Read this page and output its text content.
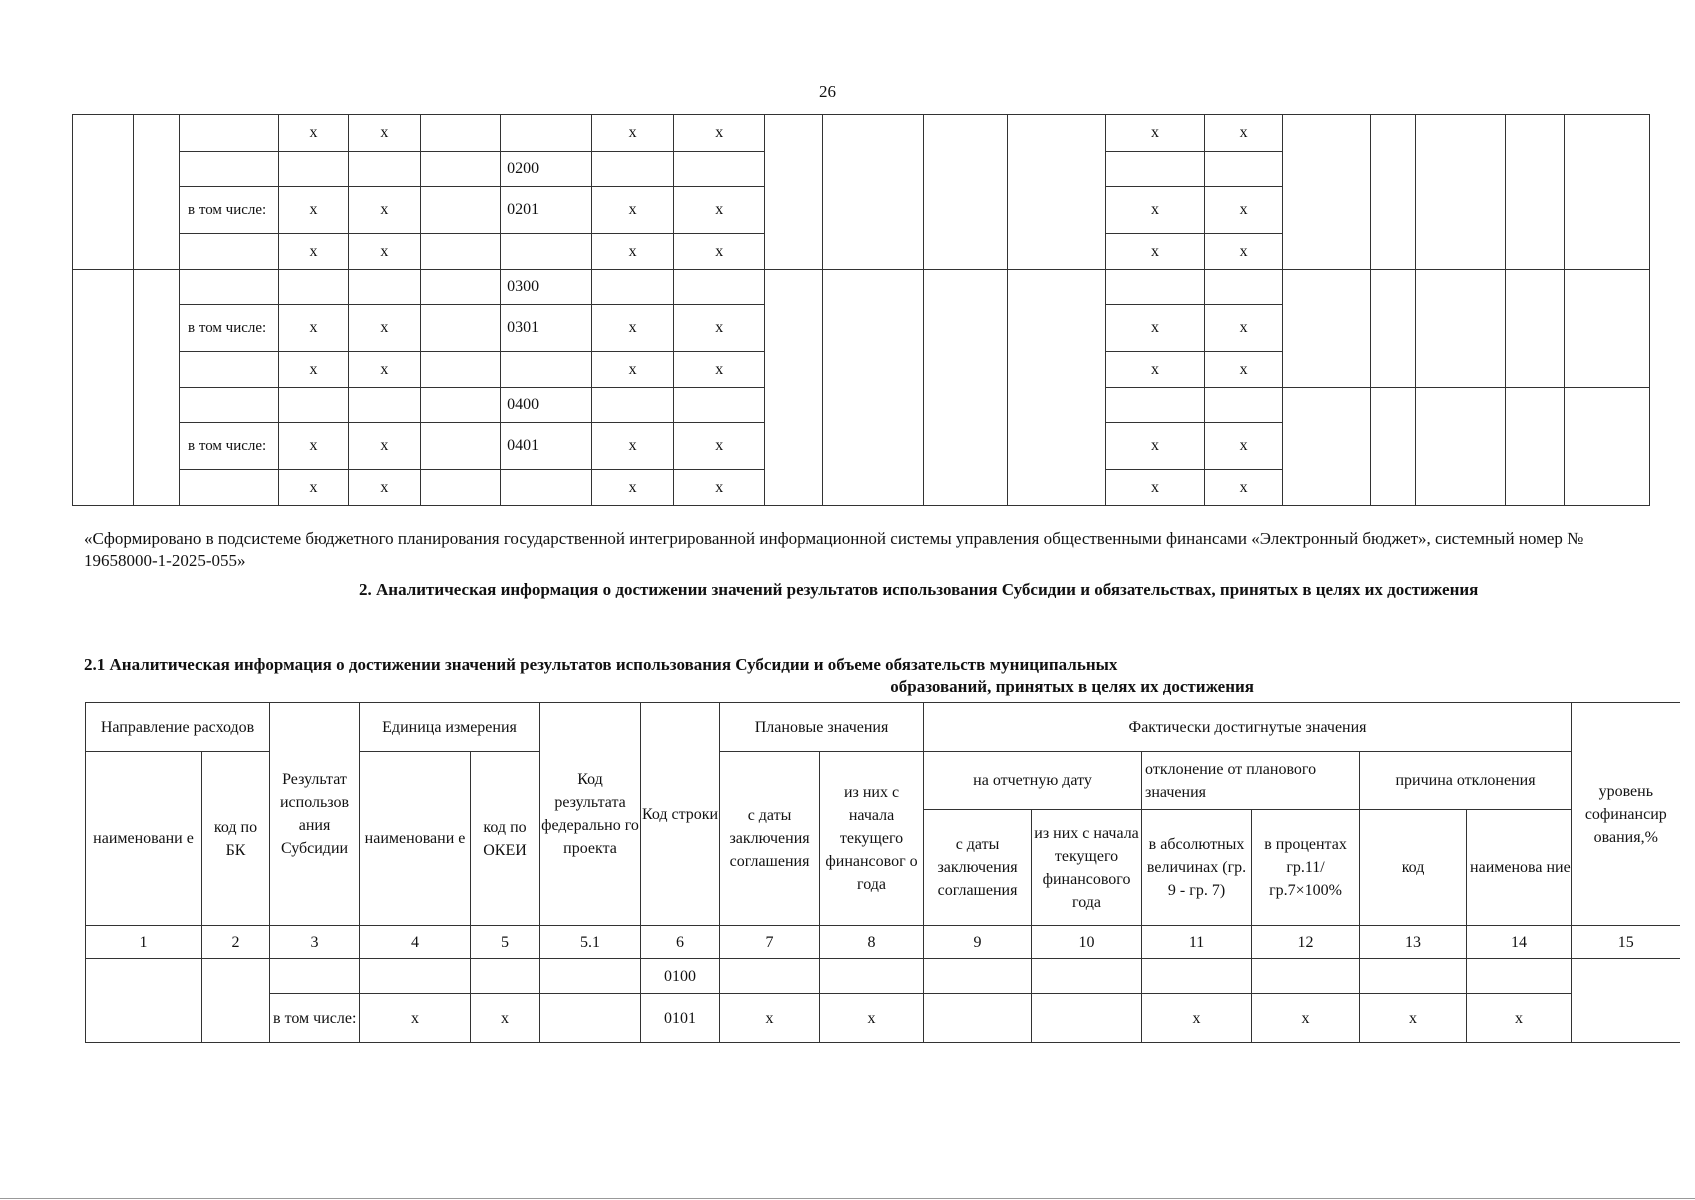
26
			x	x			x	x					x	x					
						0200													
		в том числе:	x	x		0201	x	x					x	x					
			x	x			x	x					x	x					
						0300													
		в том числе:	x	x		0301	x	x					x	x					
			x	x			x	x					x	x					
						0400													
		в том числе:	x	x		0401	x	x					x	x					
			x	x			x	x					x	x					
«Сформировано в подсистеме бюджетного планирования государственной интегрированной информационной системы управления общественными финансами «Электронный бюджет», системный номер № 19658000-1-2025-055»
2. Аналитическая информация о достижении значений результатов использования Субсидии и обязательствах, принятых в целях их достижения
2.1 Аналитическая информация о достижении значений результатов использования Субсидии и объеме обязательств муниципальных
образований, принятых в целях их достижения
Направление расходов		Результат использов ания Субсидии	Единица измерения		Код результата федерально го проекта	Код строки	Плановые значения		Фактически достигнутые значения						уровень софинансир ования,%
наименовани е	код по БК		наименовани е	код по ОКЕИ			с даты заключения соглашения	из них с начала текущего финансовог о года	на отчетную дату		отклонение от планового значения		причина отклонения		
									с даты заключения соглашения	из них с начала текущего финансового года	в абсолютных величинах (гр. 9 - гр. 7)	в процентах гр.11/гр.7×100%	код	наименова ние	
1	2	3	4	5	5.1	6	7	8	9	10	11	12	13	14	15
						0100									
		в том числе:	x	x		0101	x	x			x	x	x	x	
